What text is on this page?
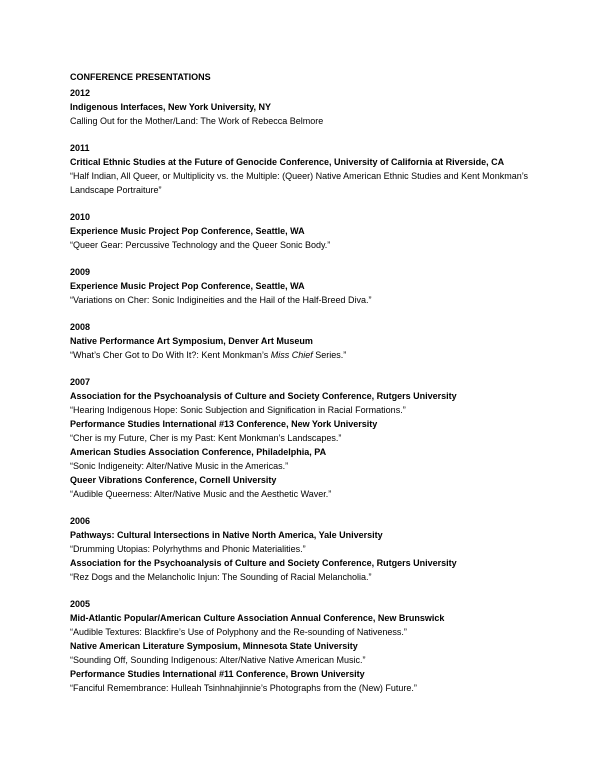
CONFERENCE PRESENTATIONS
2012
Indigenous Interfaces, New York University, NY
Calling Out for the Mother/Land: The Work of Rebecca Belmore
2011
Critical Ethnic Studies at the Future of Genocide Conference, University of California at Riverside, CA
“Half Indian, All Queer, or Multiplicity vs. the Multiple: (Queer) Native American Ethnic Studies and Kent Monkman’s Landscape Portraiture”
2010
Experience Music Project Pop Conference, Seattle, WA
“Queer Gear: Percussive Technology and the Queer Sonic Body.”
2009
Experience Music Project Pop Conference, Seattle, WA
“Variations on Cher: Sonic Indigineities and the Hail of the Half-Breed Diva.”
2008
Native Performance Art Symposium, Denver Art Museum
“What’s Cher Got to Do With It?: Kent Monkman’s Miss Chief Series.”
2007
Association for the Psychoanalysis of Culture and Society Conference, Rutgers University
“Hearing Indigenous Hope: Sonic Subjection and Signification in Racial Formations.”
Performance Studies International #13 Conference, New York University
“Cher is my Future, Cher is my Past: Kent Monkman’s Landscapes.”
American Studies Association Conference, Philadelphia, PA
“Sonic Indigeneity: Alter/Native Music in the Americas.”
Queer Vibrations Conference, Cornell University
“Audible Queerness: Alter/Native Music and the Aesthetic Waver.”
2006
Pathways: Cultural Intersections in Native North America, Yale University
“Drumming Utopias: Polyrhythms and Phonic Materialities.”
Association for the Psychoanalysis of Culture and Society Conference, Rutgers University
“Rez Dogs and the Melancholic Injun: The Sounding of Racial Melancholia.”
2005
Mid-Atlantic Popular/American Culture Association Annual Conference, New Brunswick
“Audible Textures: Blackfire’s Use of Polyphony and the Re-sounding of Nativeness.”
Native American Literature Symposium, Minnesota State University
“Sounding Off, Sounding Indigenous: Alter/Native Native American Music.”
Performance Studies International #11 Conference, Brown University
“Fanciful Remembrance: Hulleah Tsinhnahjinnie’s Photographs from the (New) Future.”
